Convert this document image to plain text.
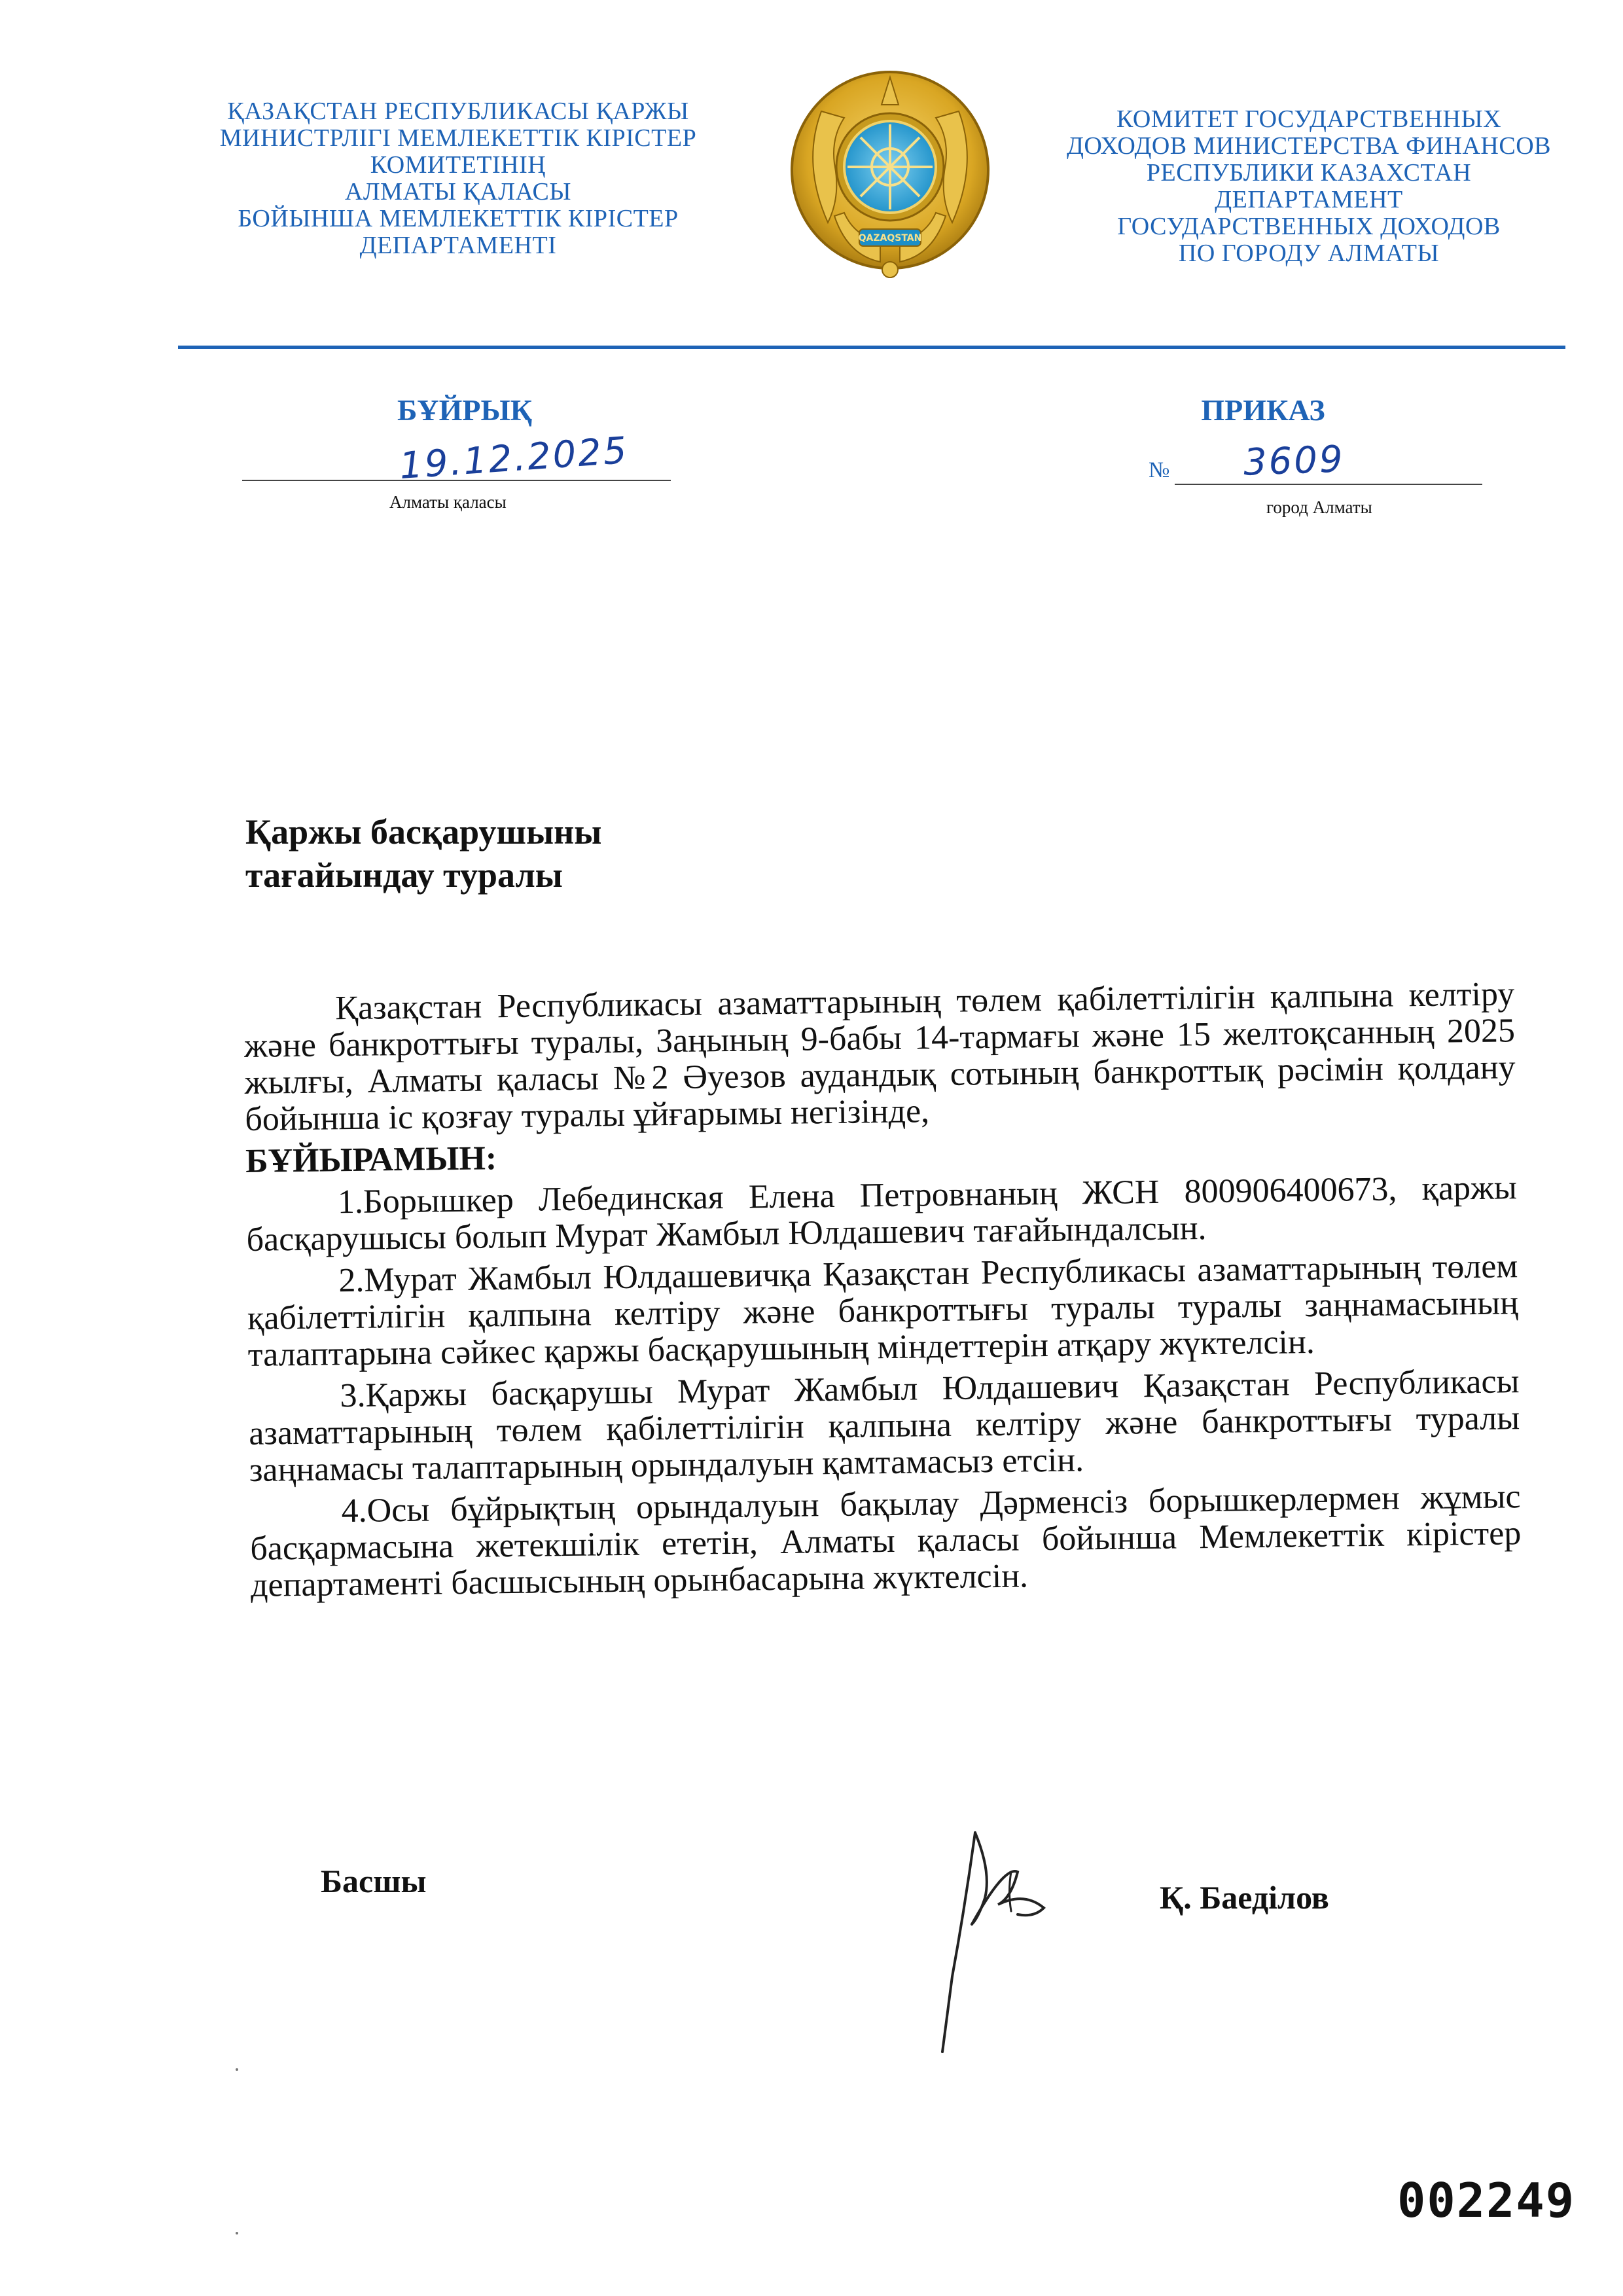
ҚАЗАҚСТАН РЕСПУБЛИКАСЫ ҚАРЖЫ
МИНИСТРЛІГІ МЕМЛЕКЕТТІК КІРІСТЕР
КОМИТЕТІНІҢ
АЛМАТЫ ҚАЛАСЫ
БОЙЫНША МЕМЛЕКЕТТІК КІРІСТЕР
ДЕПАРТАМЕНТІ	QAZAQSTAN
КОМИТЕТ ГОСУДАРСТВЕННЫХ
ДОХОДОВ МИНИСТЕРСТВА ФИНАНСОВ
РЕСПУБЛИКИ КАЗАХСТАН
ДЕПАРТАМЕНТ
ГОСУДАРСТВЕННЫХ ДОХОДОВ
ПО ГОРОДУ АЛМАТЫ
БҰЙРЫҚ	ПРИКАЗ
19.12.2025
Алматы қаласы
№ 3609
город Алматы
Қаржы басқарушыны
тағайындау туралы
Қазақстан Республикасы азаматтарының төлем қабілеттілігін қалпына келтіру және банкроттығы туралы, Заңының 9-бабы 14-тармағы және 15 желтоқсанның 2025 жылғы, Алматы қаласы №2 Әуезов аудандық сотының банкроттық рәсімін қолдану бойынша іс қозғау туралы ұйғарымы негізінде,
БҰЙЫРАМЫН:
1.Борышкер Лебединская Елена Петровнаның ЖСН 800906400673, қаржы басқарушысы болып Мурат Жамбыл Юлдашевич тағайындалсын.
2.Мурат Жамбыл Юлдашевичқа Қазақстан Республикасы азаматтарының төлем қабілеттілігін қалпына келтіру және банкроттығы туралы туралы заңнамасының талаптарына сәйкес қаржы басқарушының міндеттерін атқару жүктелсін.
3.Қаржы басқарушы Мурат Жамбыл Юлдашевич Қазақстан Республикасы азаматтарының төлем қабілеттілігін қалпына келтіру және банкроттығы туралы заңнамасы талаптарының орындалуын қамтамасыз етсін.
4.Осы бұйрықтың орындалуын бақылау Дәрменсіз борышкерлермен жұмыс басқармасына жетекшілік ететін, Алматы қаласы бойынша Мемлекеттік кірістер департаменті басшысының орынбасарына жүктелсін.
Басшы	Қ. Баеділов
002249
